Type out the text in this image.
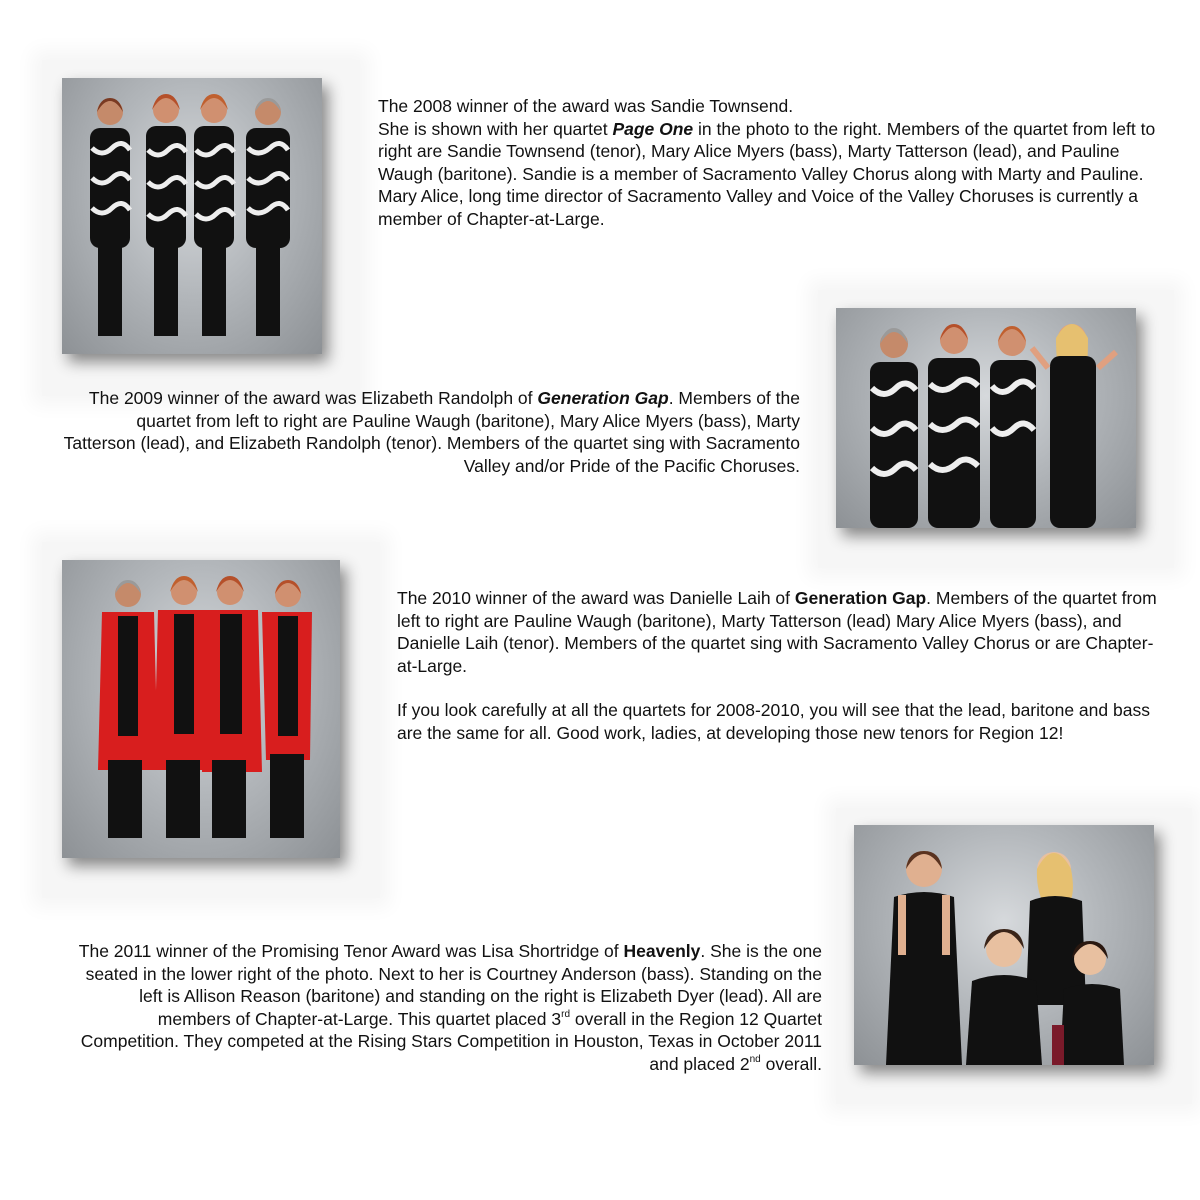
The 2008 winner of the award was Sandie Townsend.
She is shown with her quartet Page One in the photo to the right. Members of the quartet from left to right are Sandie Townsend (tenor), Mary Alice Myers (bass), Marty Tatterson (lead), and Pauline Waugh (baritone). Sandie is a member of Sacramento Valley Chorus along with Marty and Pauline. Mary Alice, long time director of Sacramento Valley and Voice of the Valley Choruses is currently a member of Chapter-at-Large.

The 2009 winner of the award was Elizabeth Randolph of Generation Gap. Members of the quartet from left to right are Pauline Waugh (baritone), Mary Alice Myers (bass), Marty Tatterson (lead), and Elizabeth Randolph (tenor). Members of the quartet sing with Sacramento Valley and/or Pride of the Pacific Choruses.

The 2010 winner of the award was Danielle Laih of Generation Gap. Members of the quartet from left to right are Pauline Waugh (baritone), Marty Tatterson (lead) Mary Alice Myers (bass), and Danielle Laih (tenor). Members of the quartet sing with Sacramento Valley Chorus or are Chapter-at-Large.

If you look carefully at all the quartets for 2008-2010, you will see that the lead, baritone and bass are the same for all. Good work, ladies, at developing those new tenors for Region 12!

The 2011 winner of the Promising Tenor Award was Lisa Shortridge of Heavenly. She is the one seated in the lower right of the photo. Next to her is Courtney Anderson (bass). Standing on the left is Allison Reason (baritone) and standing on the right is Elizabeth Dyer (lead). All are members of Chapter-at-Large. This quartet placed 3rd overall in the Region 12 Quartet Competition. They competed at the Rising Stars Competition in Houston, Texas in October 2011 and placed 2nd overall.
